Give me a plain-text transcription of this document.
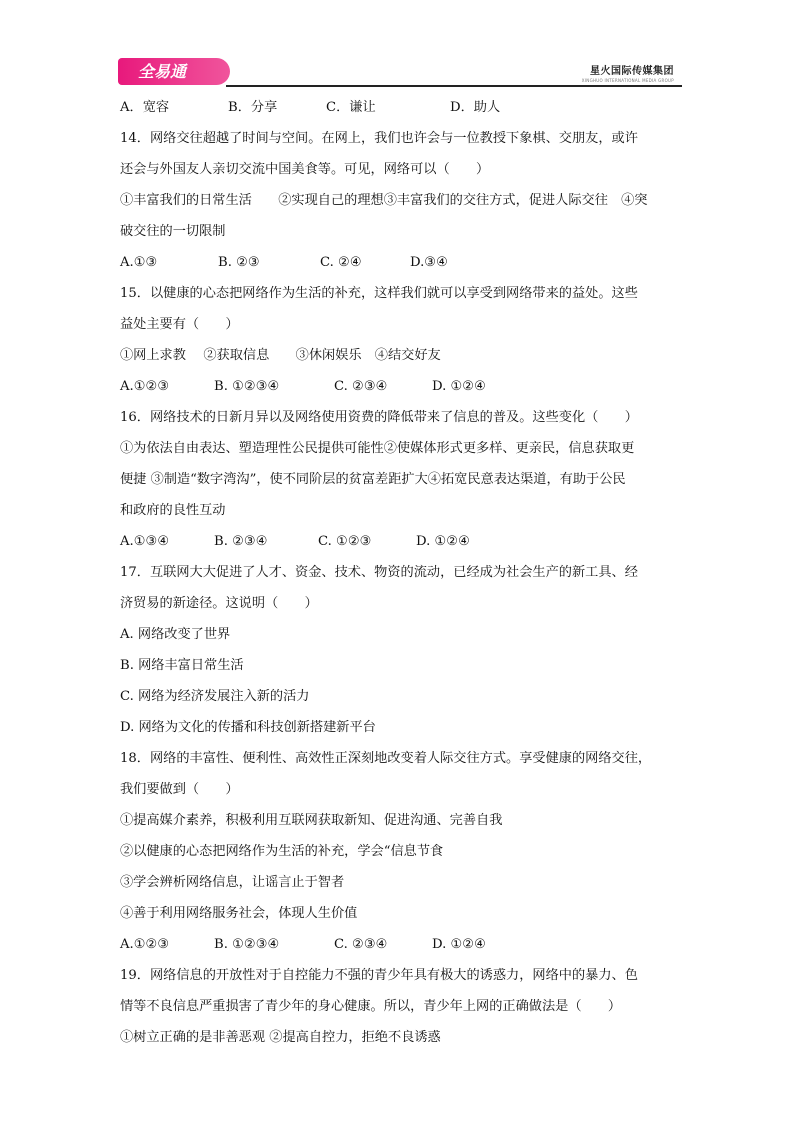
全易通	星火国际传媒集团
XINGHUO INTERNATIONAL MEDIA GROUP
A．宽容	B．分享	C．谦让	D．助人
14．网络交往超越了时间与空间。在网上，我们也许会与一位教授下象棋、交朋友，或许
还会与外国友人亲切交流中国美食等。可见，网络可以（　　）
①丰富我们的日常生活　　②实现自己的理想③丰富我们的交往方式，促进人际交往　④突
破交往的一切限制
A.①③	B. ②③	C. ②④	D.③④
15．以健康的心态把网络作为生活的补充，这样我们就可以享受到网络带来的益处。这些
益处主要有（　　）
①网上求教　 ②获取信息　　③休闲娱乐　④结交好友
A.①②③	B. ①②③④	C. ②③④	D. ①②④
16．网络技术的日新月异以及网络使用资费的降低带来了信息的普及。这些变化（　　）
①为依法自由表达、塑造理性公民提供可能性②使媒体形式更多样、更亲民，信息获取更
便捷 ③制造“数字湾沟”，使不同阶层的贫富差距扩大④拓宽民意表达渠道，有助于公民
和政府的良性互动
A.①③④	B. ②③④	C. ①②③	D. ①②④
17．互联网大大促进了人才、资金、技术、物资的流动，已经成为社会生产的新工具、经
济贸易的新途径。这说明（　　）
A. 网络改变了世界
B. 网络丰富日常生活
C. 网络为经济发展注入新的活力
D. 网络为文化的传播和科技创新搭建新平台
18．网络的丰富性、便利性、高效性正深刻地改变着人际交往方式。享受健康的网络交往，
我们要做到（　　）
①提高媒介素养，积极利用互联网获取新知、促进沟通、完善自我
②以健康的心态把网络作为生活的补充，学会“信息节食
③学会辨析网络信息，让谣言止于智者
④善于利用网络服务社会，体现人生价值
A.①②③	B. ①②③④	C. ②③④	D. ①②④
19．网络信息的开放性对于自控能力不强的青少年具有极大的诱惑力，网络中的暴力、色
情等不良信息严重损害了青少年的身心健康。所以，青少年上网的正确做法是（　　）
①树立正确的是非善恶观 ②提高自控力，拒绝不良诱惑
